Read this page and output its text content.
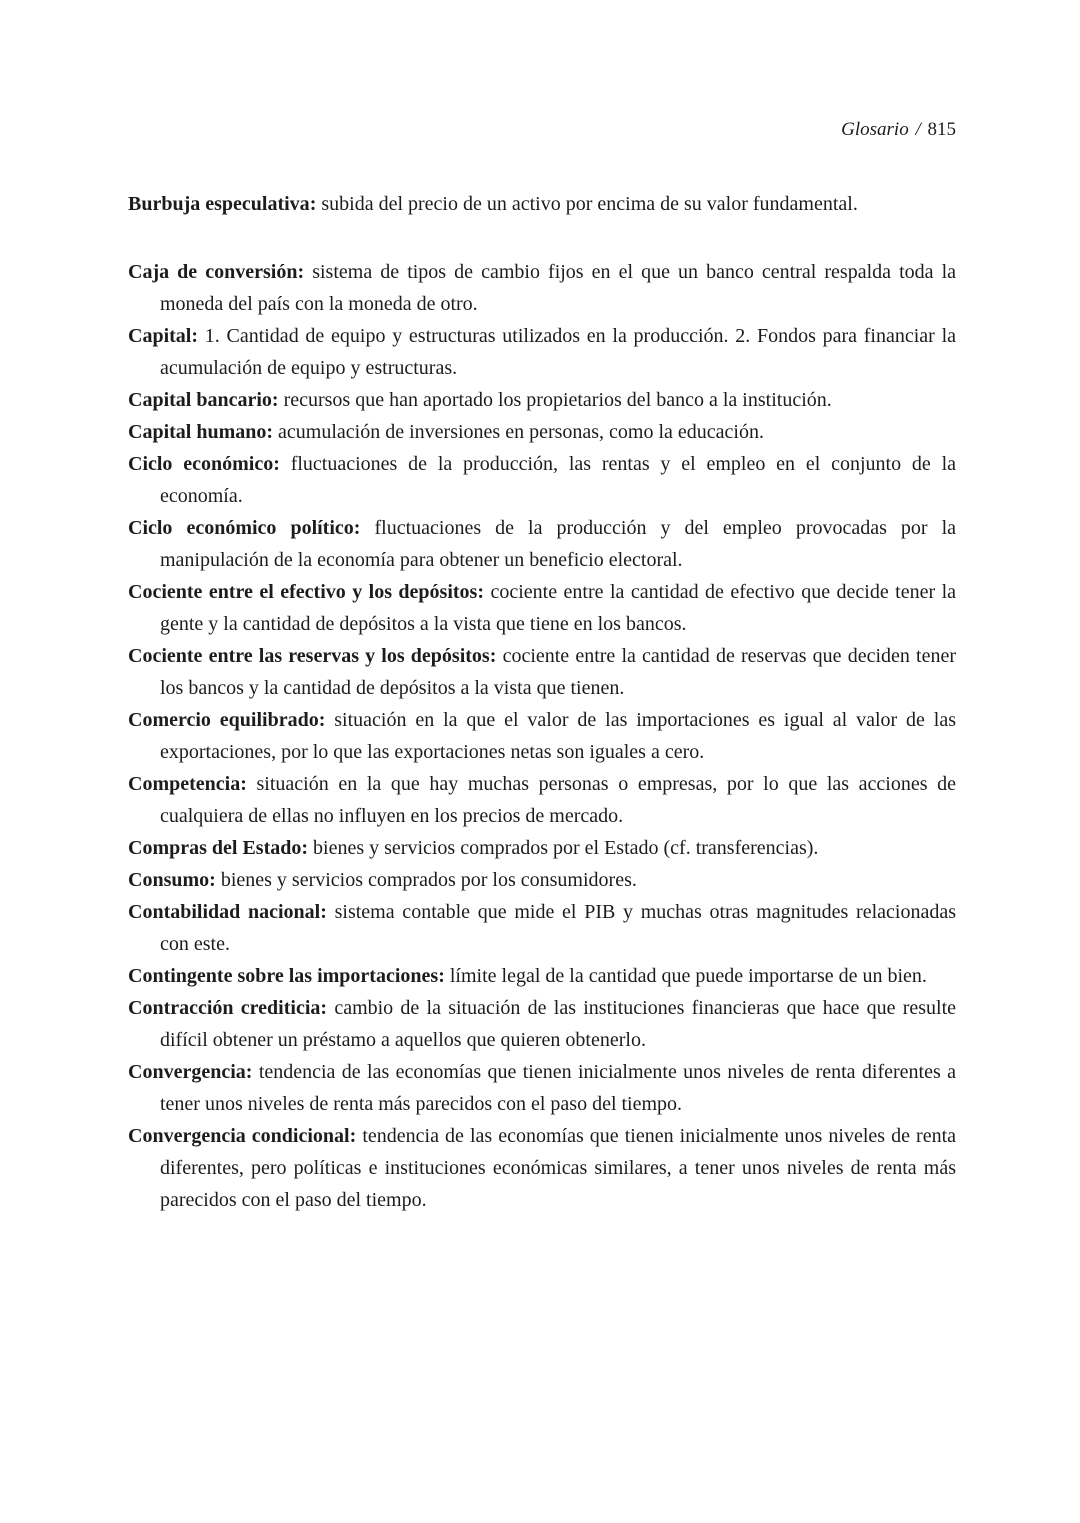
Glosario / 815

Burbuja especulativa: subida del precio de un activo por encima de su valor fundamental.

Caja de conversión: sistema de tipos de cambio fijos en el que un banco central respalda toda la moneda del país con la moneda de otro.

Capital: 1. Cantidad de equipo y estructuras utilizados en la producción. 2. Fondos para financiar la acumulación de equipo y estructuras.

Capital bancario: recursos que han aportado los propietarios del banco a la institución.

Capital humano: acumulación de inversiones en personas, como la educación.

Ciclo económico: fluctuaciones de la producción, las rentas y el empleo en el conjunto de la economía.

Ciclo económico político: fluctuaciones de la producción y del empleo provocadas por la manipulación de la economía para obtener un beneficio electoral.

Cociente entre el efectivo y los depósitos: cociente entre la cantidad de efectivo que decide tener la gente y la cantidad de depósitos a la vista que tiene en los bancos.

Cociente entre las reservas y los depósitos: cociente entre la cantidad de reservas que deciden tener los bancos y la cantidad de depósitos a la vista que tienen.

Comercio equilibrado: situación en la que el valor de las importaciones es igual al valor de las exportaciones, por lo que las exportaciones netas son iguales a cero.

Competencia: situación en la que hay muchas personas o empresas, por lo que las acciones de cualquiera de ellas no influyen en los precios de mercado.

Compras del Estado: bienes y servicios comprados por el Estado (cf. transferencias).

Consumo: bienes y servicios comprados por los consumidores.

Contabilidad nacional: sistema contable que mide el PIB y muchas otras magnitudes relacionadas con este.

Contingente sobre las importaciones: límite legal de la cantidad que puede importarse de un bien.

Contracción crediticia: cambio de la situación de las instituciones financieras que hace que resulte difícil obtener un préstamo a aquellos que quieren obtenerlo.

Convergencia: tendencia de las economías que tienen inicialmente unos niveles de renta diferentes a tener unos niveles de renta más parecidos con el paso del tiempo.

Convergencia condicional: tendencia de las economías que tienen inicialmente unos niveles de renta diferentes, pero políticas e instituciones económicas similares, a tener unos niveles de renta más parecidos con el paso del tiempo.
